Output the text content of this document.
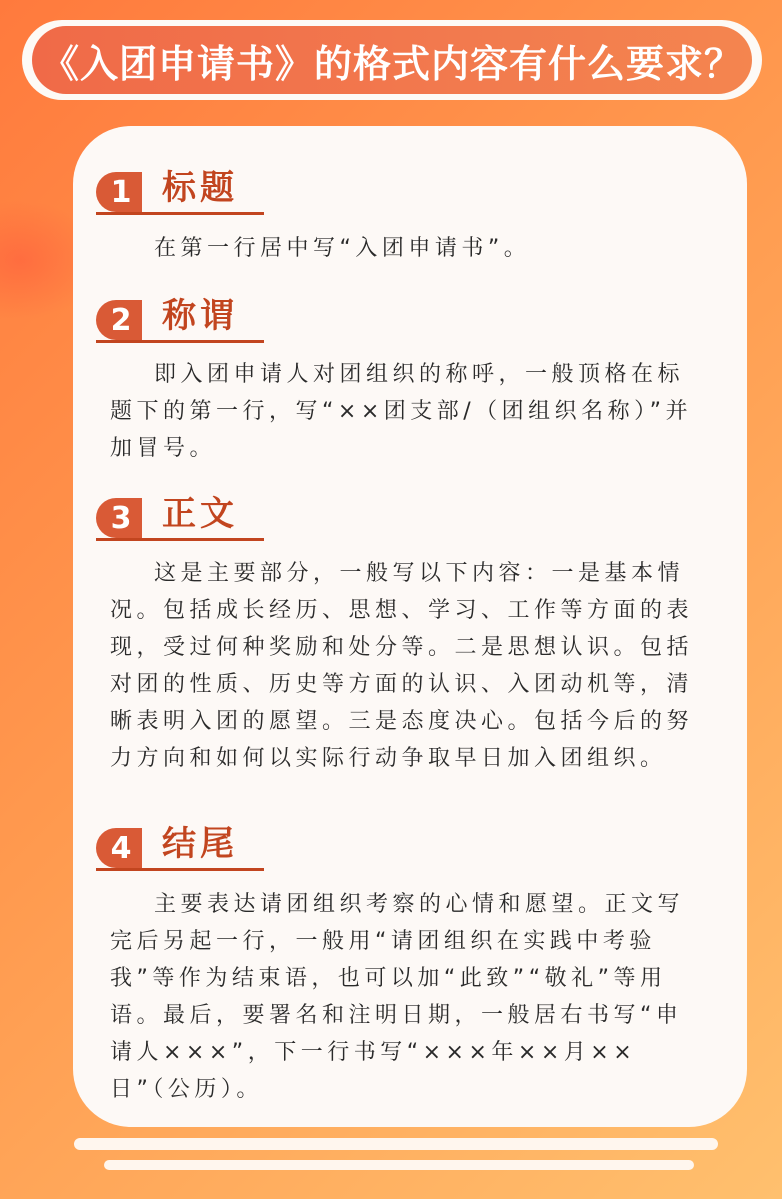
《入团申请书》的格式内容有什么要求？
1 标题

在第一行居中写“入团申请书”。

2 称谓

即入团申请人对团组织的称呼，一般顶格在标题下的第一行，写“××团支部/（团组织名称）”并加冒号。

3 正文

这是主要部分，一般写以下内容：一是基本情况。包括成长经历、思想、学习、工作等方面的表现，受过何种奖励和处分等。二是思想认识。包括对团的性质、历史等方面的认识、入团动机等，清晰表明入团的愿望。三是态度决心。包括今后的努力方向和如何以实际行动争取早日加入团组织。

4 结尾

主要表达请团组织考察的心情和愿望。正文写完后另起一行，一般用“请团组织在实践中考验我”等作为结束语，也可以加“此致”“敬礼”等用语。最后，要署名和注明日期，一般居右书写“申请人×××”，下一行书写“×××年××月××日”（公历）。
